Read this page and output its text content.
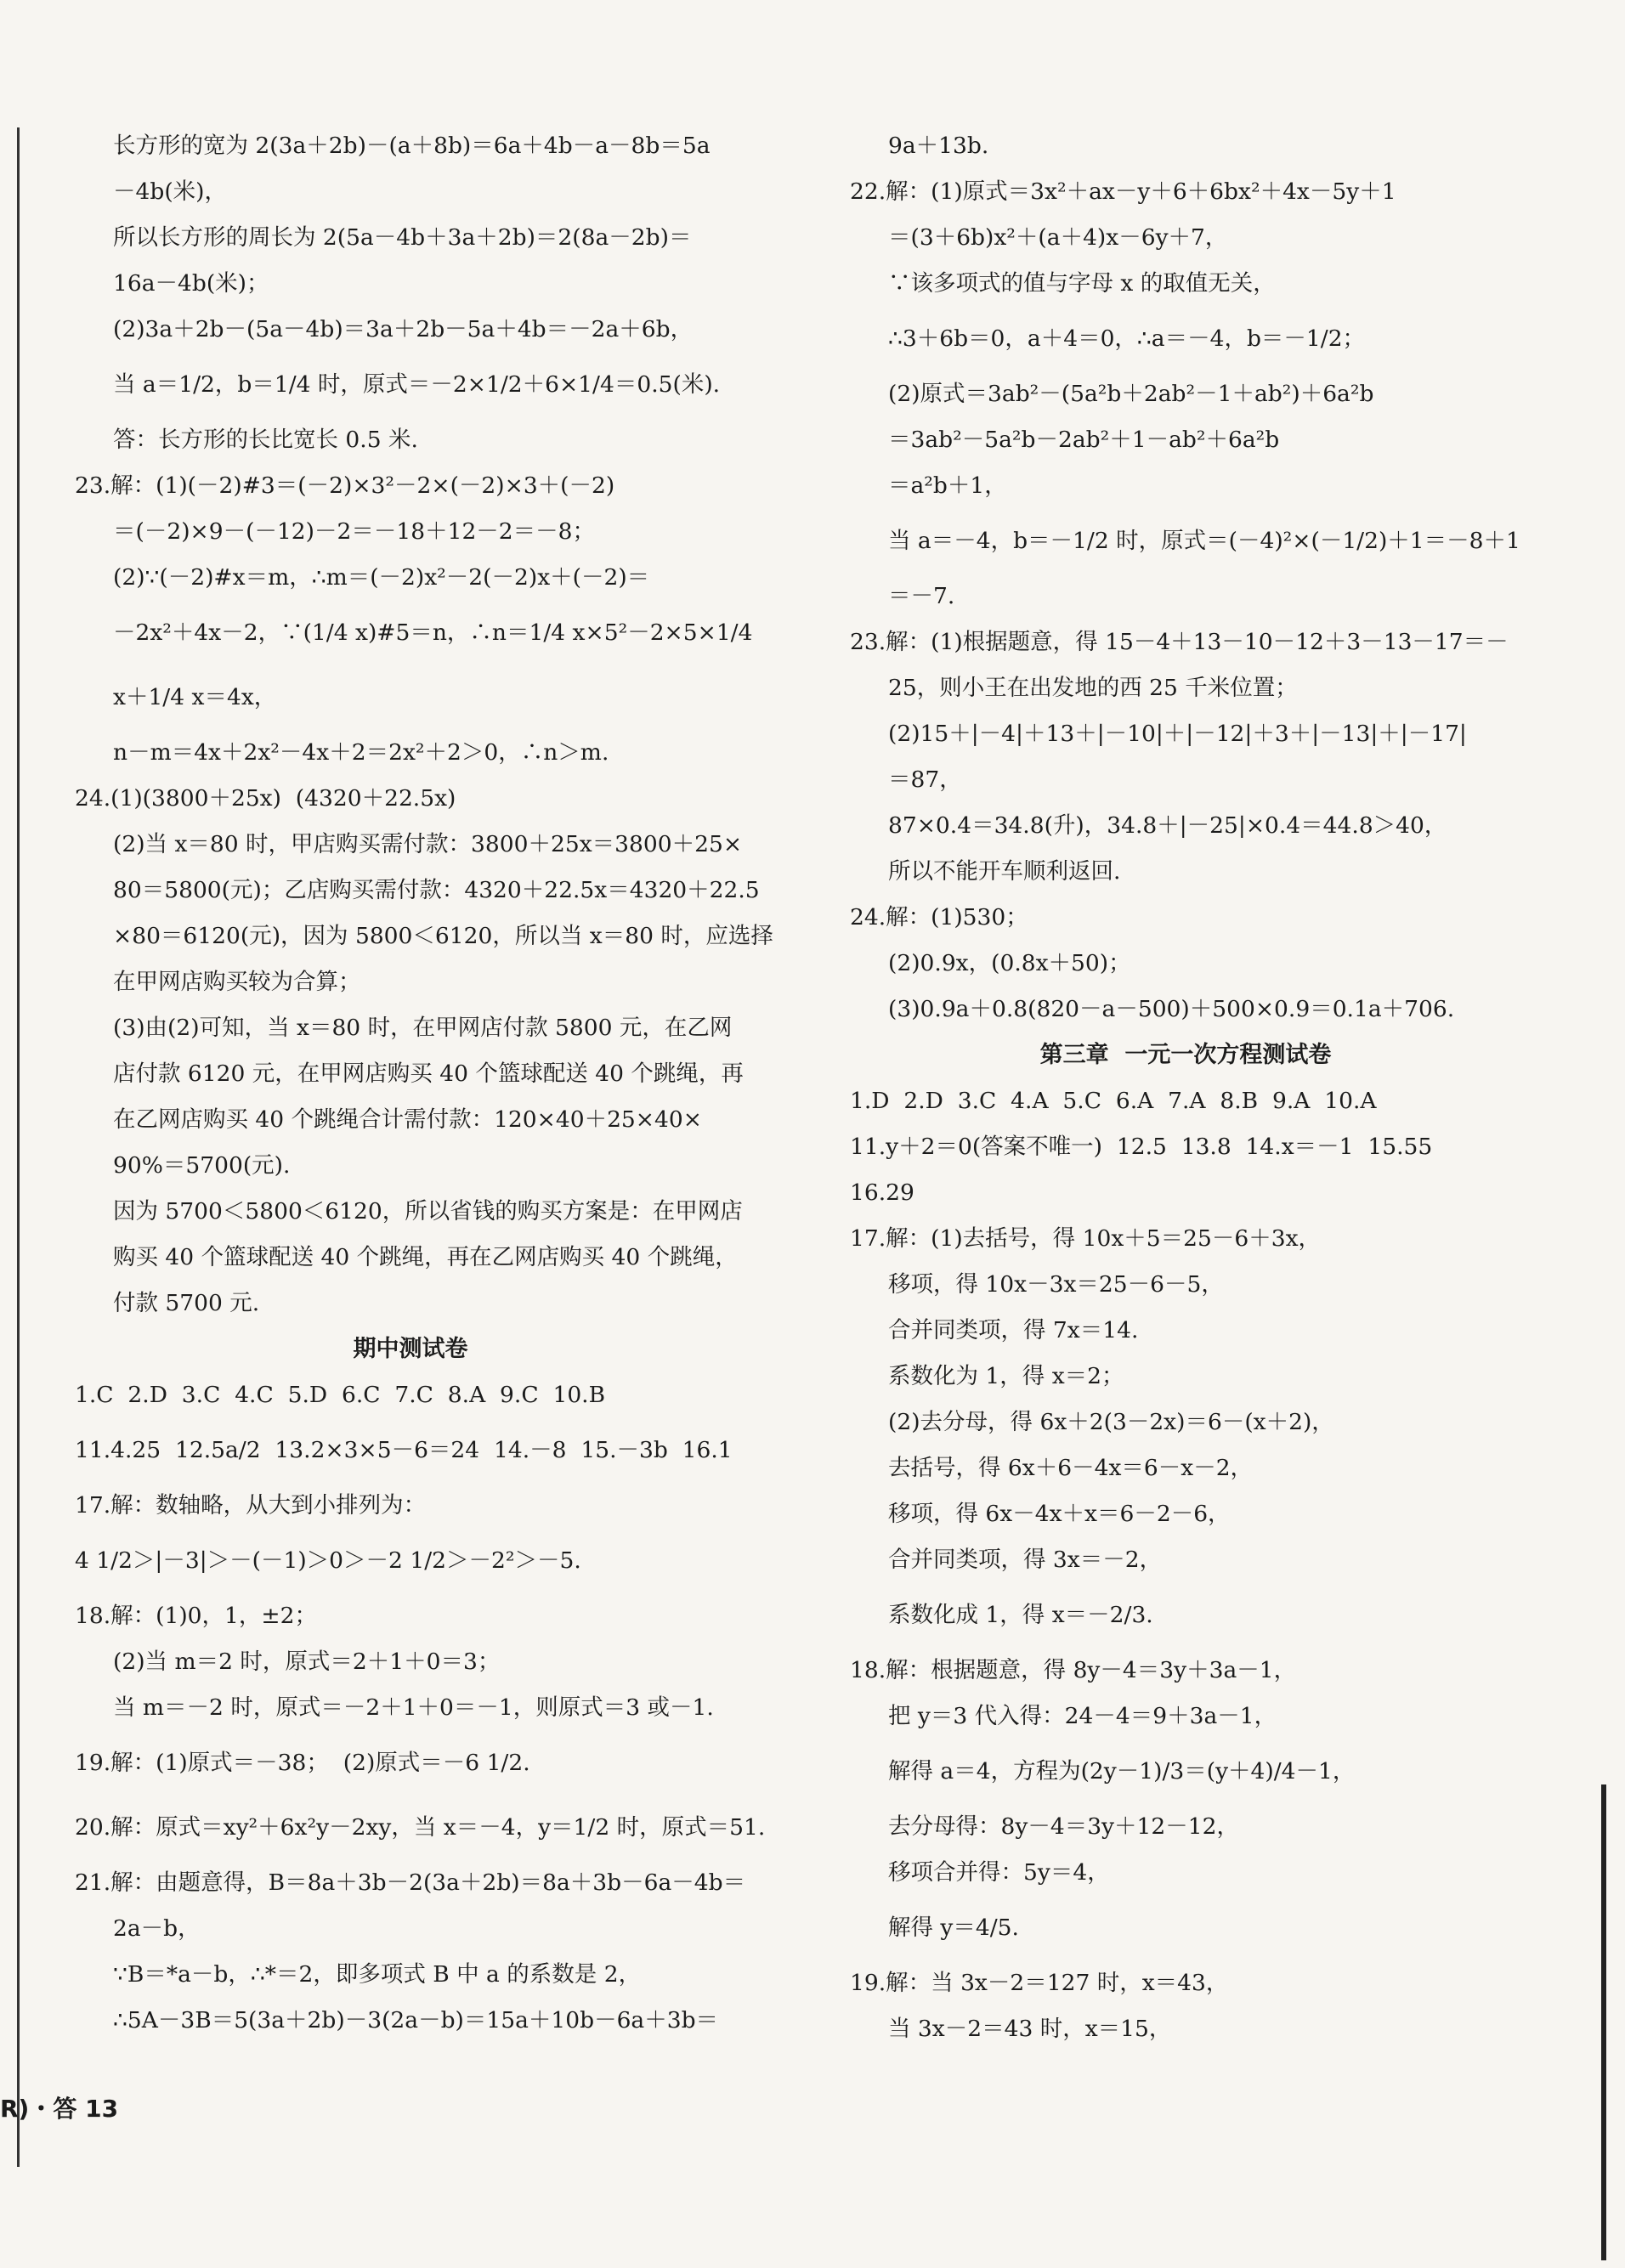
长方形的宽为 2(3a＋2b)－(a＋8b)＝6a＋4b－a－8b＝5a
－4b(米)，
所以长方形的周长为 2(5a－4b＋3a＋2b)＝2(8a－2b)＝
16a－4b(米)；
(2)3a＋2b－(5a－4b)＝3a＋2b－5a＋4b＝－2a＋6b，
当 a＝1/2，b＝1/4 时，原式＝－2×1/2＋6×1/4＝0.5(米).
答：长方形的长比宽长 0.5 米.
23.解：(1)(－2)#3＝(－2)×3²－2×(－2)×3＋(－2)
＝(－2)×9－(－12)－2＝－18＋12－2＝－8；
(2)∵(－2)#x＝m，∴m＝(－2)x²－2(－2)x＋(－2)＝
－2x²＋4x－2，∵(1/4 x)#5＝n，∴n＝1/4 x×5²－2×5×1/4
x＋1/4 x＝4x，
n－m＝4x＋2x²－4x＋2＝2x²＋2＞0，∴n＞m.
24.(1)(3800＋25x)  (4320＋22.5x)
(2)当 x＝80 时，甲店购买需付款：3800＋25x＝3800＋25×
80＝5800(元)；乙店购买需付款：4320＋22.5x＝4320＋22.5
×80＝6120(元)，因为 5800＜6120，所以当 x＝80 时，应选择
在甲网店购买较为合算；
(3)由(2)可知，当 x＝80 时，在甲网店付款 5800 元，在乙网
店付款 6120 元，在甲网店购买 40 个篮球配送 40 个跳绳，再
在乙网店购买 40 个跳绳合计需付款：120×40＋25×40×
90%＝5700(元).
因为 5700＜5800＜6120，所以省钱的购买方案是：在甲网店
购买 40 个篮球配送 40 个跳绳，再在乙网店购买 40 个跳绳，
付款 5700 元.
期中测试卷
1.C  2.D  3.C  4.C  5.D  6.C  7.C  8.A  9.C  10.B
11.4.25  12.5a/2  13.2×3×5－6＝24  14.－8  15.－3b  16.1
17.解：数轴略，从大到小排列为：
4 1/2＞|－3|＞－(－1)＞0＞－2 1/2＞－2²＞－5.
18.解：(1)0，1，±2；
(2)当 m＝2 时，原式＝2＋1＋0＝3；
当 m＝－2 时，原式＝－2＋1＋0＝－1，则原式＝3 或－1.
19.解：(1)原式＝－38；  (2)原式＝－6 1/2.
20.解：原式＝xy²＋6x²y－2xy，当 x＝－4，y＝1/2 时，原式＝51.
21.解：由题意得，B＝8a＋3b－2(3a＋2b)＝8a＋3b－6a－4b＝
2a－b，
∵B＝*a－b，∴*＝2，即多项式 B 中 a 的系数是 2，
∴5A－3B＝5(3a＋2b)－3(2a－b)＝15a＋10b－6a＋3b＝
9a＋13b.
22.解：(1)原式＝3x²＋ax－y＋6＋6bx²＋4x－5y＋1
＝(3＋6b)x²＋(a＋4)x－6y＋7，
∵该多项式的值与字母 x 的取值无关，
∴3＋6b＝0，a＋4＝0，∴a＝－4，b＝－1/2；
(2)原式＝3ab²－(5a²b＋2ab²－1＋ab²)＋6a²b
＝3ab²－5a²b－2ab²＋1－ab²＋6a²b
＝a²b＋1，
当 a＝－4，b＝－1/2 时，原式＝(－4)²×(－1/2)＋1＝－8＋1
＝－7.
23.解：(1)根据题意，得 15－4＋13－10－12＋3－13－17＝－
25，则小王在出发地的西 25 千米位置；
(2)15＋|－4|＋13＋|－10|＋|－12|＋3＋|－13|＋|－17|
＝87，
87×0.4＝34.8(升)，34.8＋|－25|×0.4＝44.8＞40，
所以不能开车顺利返回.
24.解：(1)530；
(2)0.9x，(0.8x＋50)；
(3)0.9a＋0.8(820－a－500)＋500×0.9＝0.1a＋706.
第三章  一元一次方程测试卷
1.D  2.D  3.C  4.A  5.C  6.A  7.A  8.B  9.A  10.A
11.y＋2＝0(答案不唯一)  12.5  13.8  14.x＝－1  15.55
16.29
17.解：(1)去括号，得 10x＋5＝25－6＋3x，
移项，得 10x－3x＝25－6－5，
合并同类项，得 7x＝14.
系数化为 1，得 x＝2；
(2)去分母，得 6x＋2(3－2x)＝6－(x＋2)，
去括号，得 6x＋6－4x＝6－x－2，
移项，得 6x－4x＋x＝6－2－6，
合并同类项，得 3x＝－2，
系数化成 1，得 x＝－2/3.
18.解：根据题意，得 8y－4＝3y＋3a－1，
把 y＝3 代入得：24－4＝9＋3a－1，
解得 a＝4，方程为(2y－1)/3＝(y＋4)/4－1，
去分母得：8y－4＝3y＋12－12，
移项合并得：5y＝4，
解得 y＝4/5.
19.解：当 3x－2＝127 时，x＝43，
当 3x－2＝43 时，x＝15，
R)・答 13
